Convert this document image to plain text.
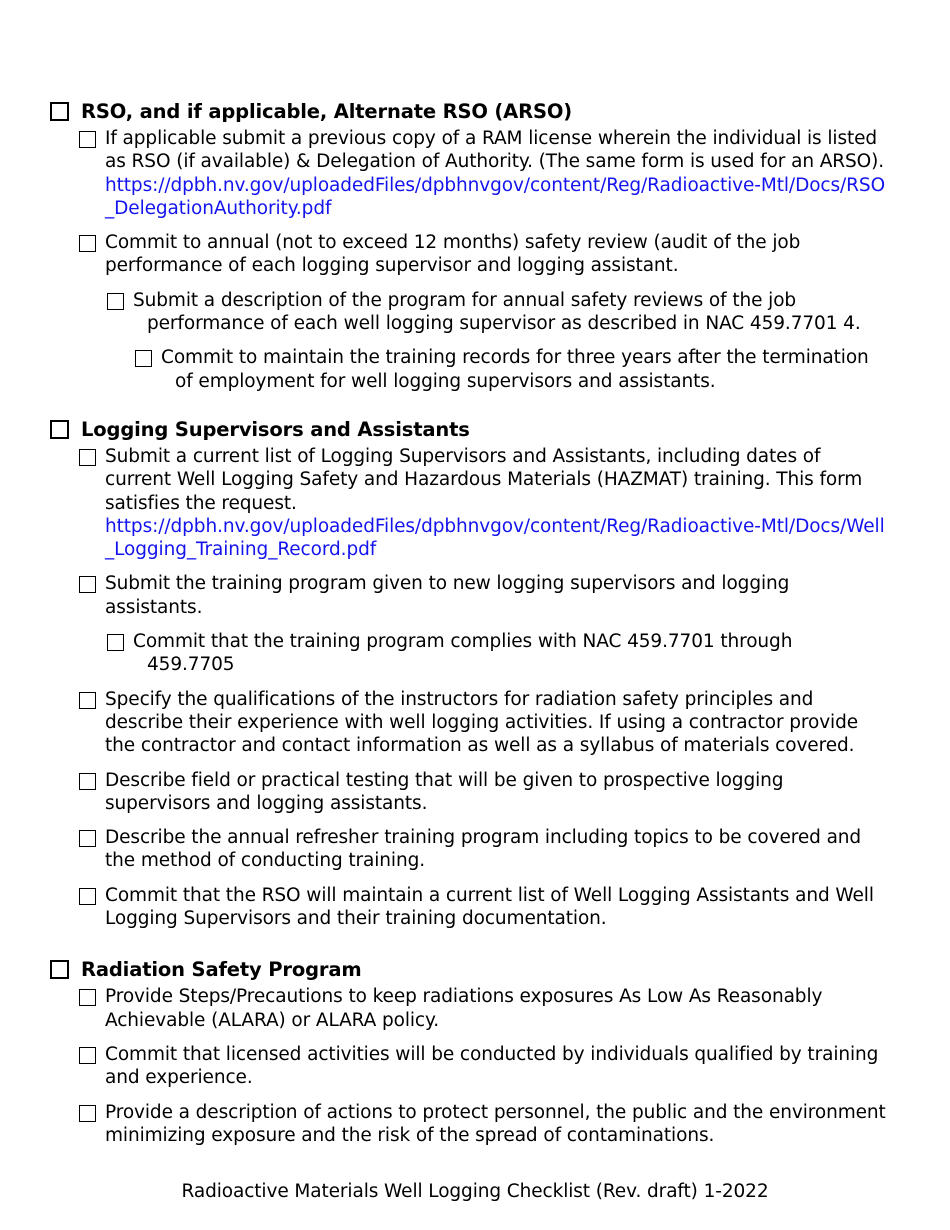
RSO, and if applicable, Alternate RSO (ARSO)
If applicable submit a previous copy of a RAM license wherein the individual is listed as RSO (if available) & Delegation of Authority. (The same form is used for an ARSO).
https://dpbh.nv.gov/uploadedFiles/dpbhnvgov/content/Reg/Radioactive-Mtl/Docs/RSO_DelegationAuthority.pdf
Commit to annual (not to exceed 12 months) safety review (audit of the job performance of each logging supervisor and logging assistant.
Submit a description of the program for annual safety reviews of the job
performance of each well logging supervisor as described in NAC 459.7701 4.
Commit to maintain the training records for three years after the termination
of employment for well logging supervisors and assistants.
Logging Supervisors and Assistants
Submit a current list of Logging Supervisors and Assistants, including dates of current Well Logging Safety and Hazardous Materials (HAZMAT) training. This form satisfies the request.
https://dpbh.nv.gov/uploadedFiles/dpbhnvgov/content/Reg/Radioactive-Mtl/Docs/Well_Logging_Training_Record.pdf
Submit the training program given to new logging supervisors and logging assistants.
Commit that the training program complies with NAC 459.7701 through
459.7705
Specify the qualifications of the instructors for radiation safety principles and describe their experience with well logging activities. If using a contractor provide the contractor and contact information as well as a syllabus of materials covered.
Describe field or practical testing that will be given to prospective logging supervisors and logging assistants.
Describe the annual refresher training program including topics to be covered and the method of conducting training.
Commit that the RSO will maintain a current list of Well Logging Assistants and Well Logging Supervisors and their training documentation.
Radiation Safety Program
Provide Steps/Precautions to keep radiations exposures As Low As Reasonably Achievable (ALARA) or ALARA policy.
Commit that licensed activities will be conducted by individuals qualified by training and experience.
Provide a description of actions to protect personnel, the public and the environment minimizing exposure and the risk of the spread of contaminations.
Radioactive Materials Well Logging Checklist (Rev. draft) 1-2022
